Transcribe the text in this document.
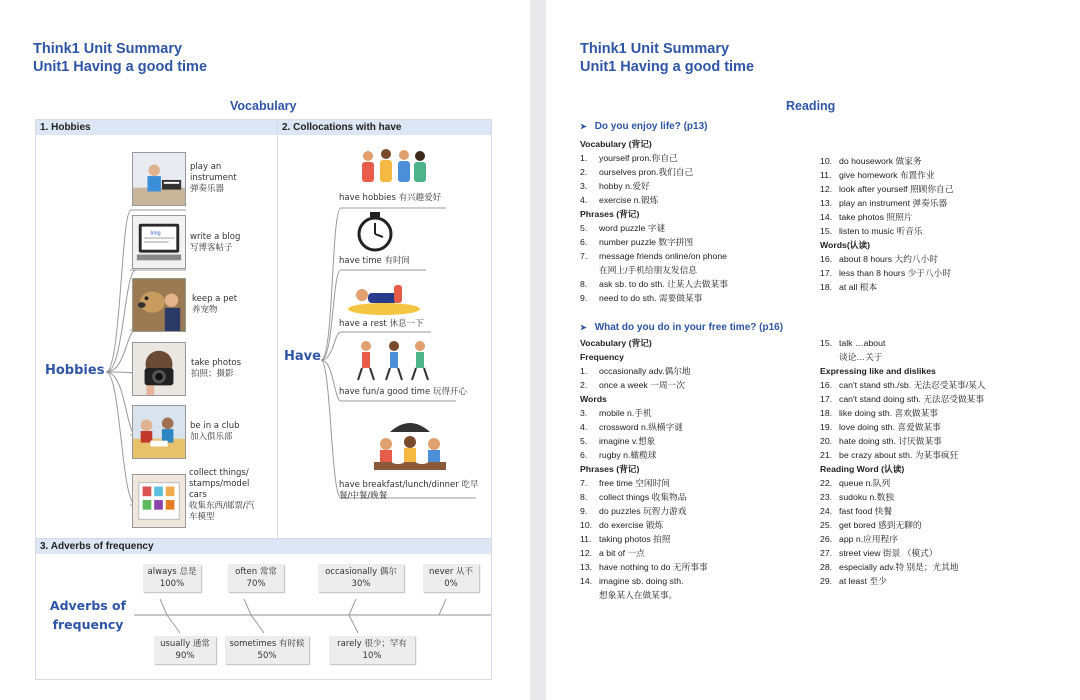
Think1 Unit Summary
Unit1 Having a good time
Vocabulary
1. Hobbies	2. Collocations with have
Hobbies
Have
blog
play an instrument
弹奏乐器
write a blog
写博客帖子
keep a pet
养宠物
take photos
拍照；摄影
be in a club
加入俱乐部
collect things/ stamps/model cars
收集东西/邮票/汽车模型
have hobbies 有兴趣爱好
have time 有时间
have a rest 休息一下
have fun/a good time 玩得开心
have breakfast/lunch/dinner 吃早餐/中餐/晚餐
3. Adverbs of frequency
Adverbs of
frequency
always 总是
100%
often 常常
70%
occasionally 偶尔
30%
never 从不
0%
usually 通常
90%
sometimes 有时候
50%
rarely 很少；罕有
10%
Think1 Unit Summary
Unit1 Having a good time
Reading
➤ Do you enjoy life? (p13)
➤ What do you do in your free time? (p16)
Vocabulary (背记)
1. yourself pron.你自己
2. ourselves pron.我们自己
3. hobby n.爱好
4. exercise n.锻炼
Phrases (背记)
5. word puzzle 字谜
6. number puzzle 数字拼图
7. message friends online/on phone
在网上/手机给朋友发信息
8. ask sb. to do sth. 让某人去做某事
9. need to do sth. 需要做某事
10. do housework 做家务
11. give homework 布置作业
12. look after yourself 照顾你自己
13. play an instrument 弹奏乐器
14. take photos 照照片
15. listen to music 听音乐
Words(认读)
16. about 8 hours 大约八小时
17. less than 8 hours 少于八小时
18. at all 根本
Vocabulary (背记)
Frequency
1. occasionally adv.偶尔地
2. once a week 一周一次
Words
3. mobile n.手机
4. crossword n.纵横字谜
5. imagine v.想象
6. rugby n.橄榄球
Phrases (背记)
7. free time 空闲时间
8. collect things 收集物品
9. do puzzles 玩智力游戏
10. do exercise 锻炼
11. taking photos 拍照
12. a bit of 一点
13. have nothing to do 无所事事
14. imagine sb. doing sth.
想象某人在做某事。
15. talk …about
谈论…关于
Expressing like and dislikes
16. can't stand sth./sb. 无法忍受某事/某人
17. can't stand doing sth. 无法忍受做某事
18. like doing sth. 喜欢做某事
19. love doing sth. 喜爱做某事
20. hate doing sth. 讨厌做某事
21. be crazy about sth. 为某事疯狂
Reading Word (认读)
22. queue n.队列
23. sudoku n.数独
24. fast food 快餐
25. get bored 感到无聊的
26. app n.应用程序
27. street view 街景 （模式）
28. especially adv.特 别是；尤其地
29. at least 至少
